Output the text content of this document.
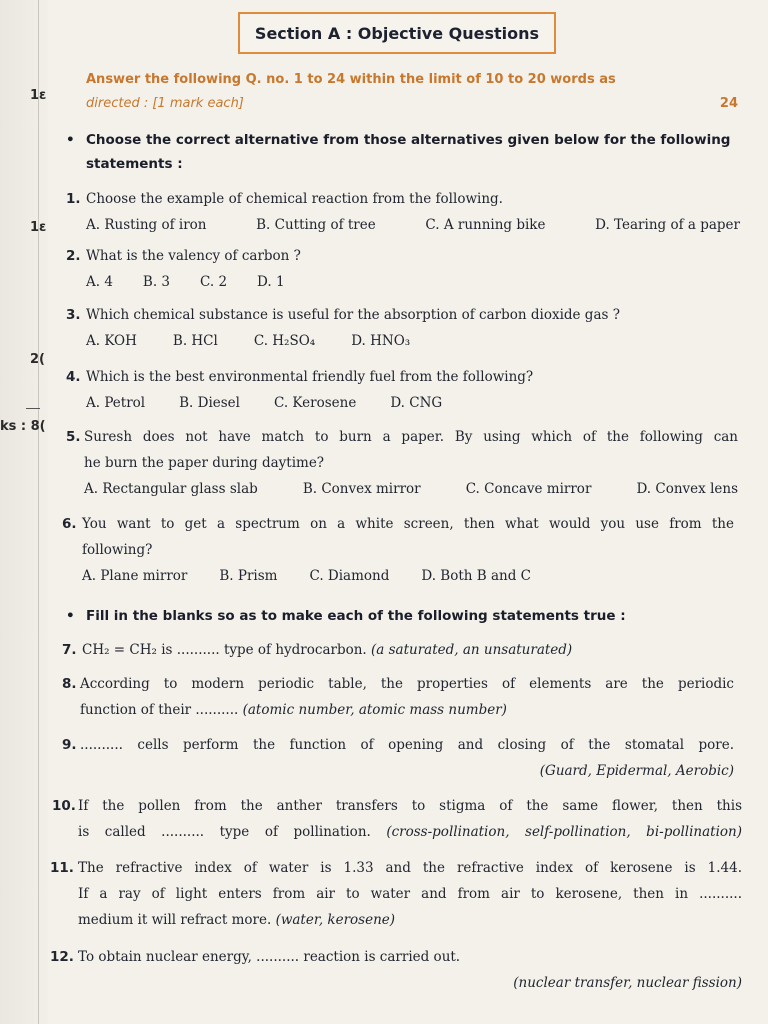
1ε
1ε
2(
ks : 8(
Section A : Objective Questions
Answer the following Q. no. 1 to 24 within the limit of 10 to 20 words as
directed : [1 mark each]	24
• Choose the correct alternative from those alternatives given below for the following statements :
1. Choose the example of chemical reaction from the following.
A. Rusting of iron	B. Cutting of tree	C. A running bike	D. Tearing of a paper
2. What is the valency of carbon ?
A. 4 B. 3 C. 2 D. 1
3. Which chemical substance is useful for the absorption of carbon dioxide gas ?
A. KOH	B. HCl	C. H₂SO₄	D. HNO₃
4. Which is the best environmental friendly fuel from the following?
A. Petrol	B. Diesel	C. Kerosene	D. CNG
5. Suresh does not have match to burn a paper. By using which of the following can
he burn the paper during daytime?
A. Rectangular glass slab	B. Convex mirror	C. Concave mirror	D. Convex lens
6. You want to get a spectrum on a white screen, then what would you use from the
following?
A. Plane mirror B. Prism C. Diamond D. Both B and C
• Fill in the blanks so as to make each of the following statements true :
7. CH₂ = CH₂ is .......... type of hydrocarbon. (a saturated, an unsaturated)
8. According to modern periodic table, the properties of elements are the periodic
function of their .......... (atomic number, atomic mass number)
9. .......... cells perform the function of opening and closing of the stomatal pore.
(Guard, Epidermal, Aerobic)
10. If the pollen from the anther transfers to stigma of the same flower, then this
is called .......... type of pollination. (cross-pollination, self-pollination, bi-pollination)
11. The refractive index of water is 1.33 and the refractive index of kerosene is 1.44.
If a ray of light enters from air to water and from air to kerosene, then in ..........
medium it will refract more. (water, kerosene)
12. To obtain nuclear energy, .......... reaction is carried out.
(nuclear transfer, nuclear fission)
